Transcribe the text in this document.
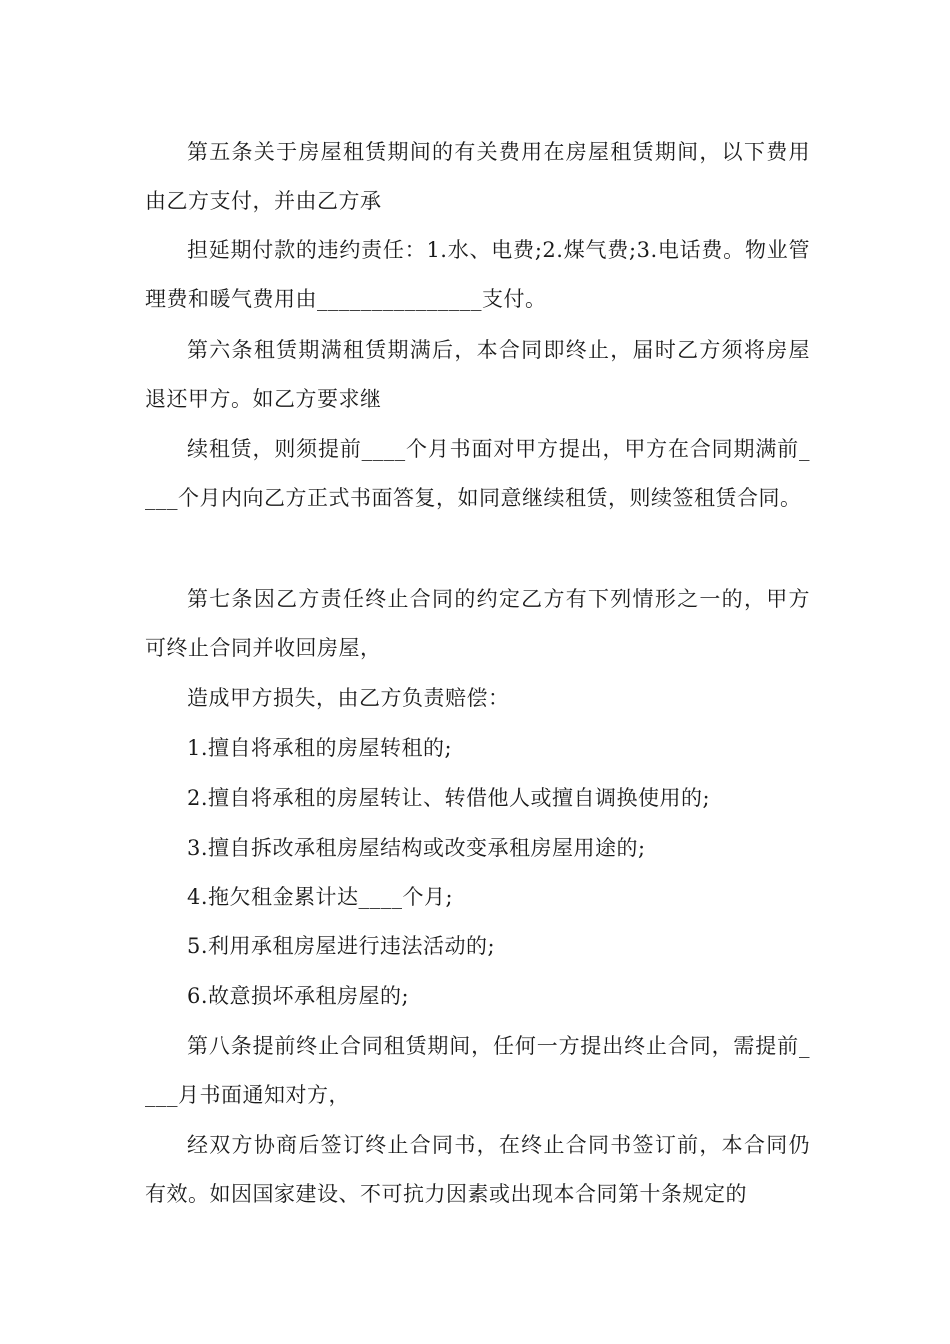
第五条关于房屋租赁期间的有关费用在房屋租赁期间，以下费用由乙方支付，并由乙方承

担延期付款的违约责任：1.水、电费;2.煤气费;3.电话费。物业管理费和暖气费用由_______________支付。

第六条租赁期满租赁期满后，本合同即终止，届时乙方须将房屋退还甲方。如乙方要求继

续租赁，则须提前____个月书面对甲方提出，甲方在合同期满前____个月内向乙方正式书面答复，如同意继续租赁，则续签租赁合同。

第七条因乙方责任终止合同的约定乙方有下列情形之一的，甲方可终止合同并收回房屋，

造成甲方损失，由乙方负责赔偿：

1.擅自将承租的房屋转租的;

2.擅自将承租的房屋转让、转借他人或擅自调换使用的;

3.擅自拆改承租房屋结构或改变承租房屋用途的;

4.拖欠租金累计达____个月;

5.利用承租房屋进行违法活动的;

6.故意损坏承租房屋的;

第八条提前终止合同租赁期间，任何一方提出终止合同，需提前____月书面通知对方，

经双方协商后签订终止合同书，在终止合同书签订前，本合同仍有效。如因国家建设、不可抗力因素或出现本合同第十条规定的
